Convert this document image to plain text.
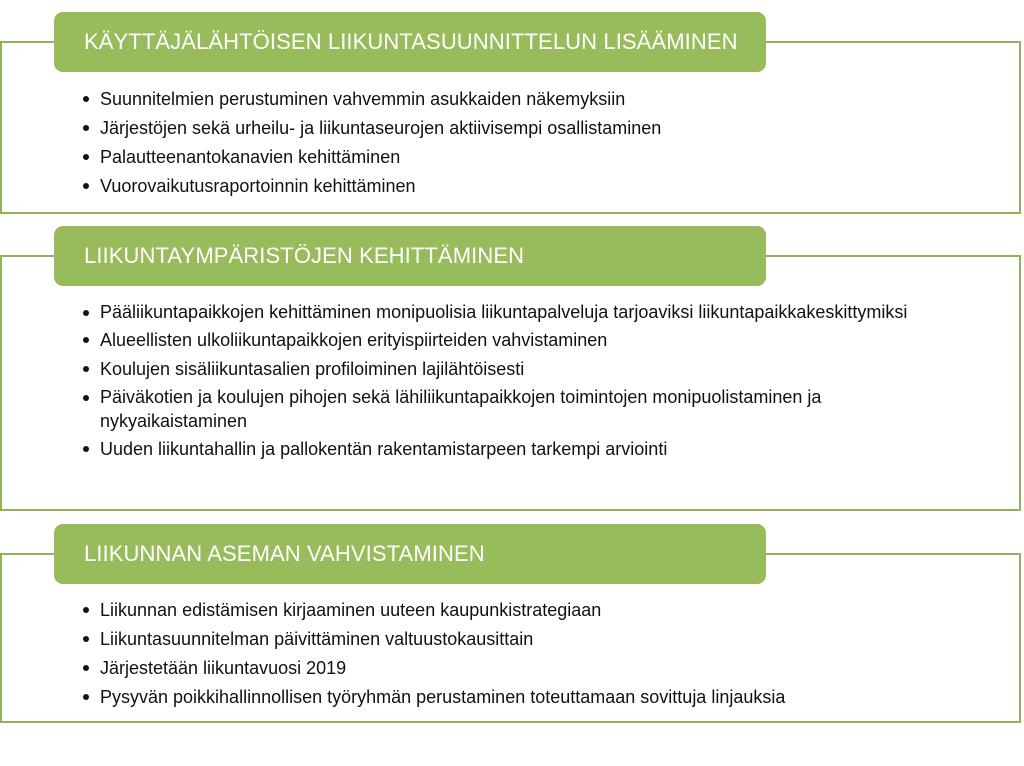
KÄYTTÄJÄLÄHTÖISEN LIIKUNTASUUNNITTELUN LISÄÄMINEN
Suunnitelmien perustuminen vahvemmin asukkaiden näkemyksiin
Järjestöjen sekä urheilu- ja liikuntaseurojen aktiivisempi osallistaminen
Palautteenantokanavien kehittäminen
Vuorovaikutusraportoinnin kehittäminen
LIIKUNTAYMPÄRISTÖJEN KEHITTÄMINEN
Pääliikuntapaikkojen kehittäminen monipuolisia liikuntapalveluja tarjoaviksi liikuntapaikkakeskittymiksi
Alueellisten ulkoliikuntapaikkojen erityispiirteiden vahvistaminen
Koulujen sisäliikuntasalien profiloiminen lajilähtöisesti
Päiväkotien ja koulujen pihojen sekä lähiliikuntapaikkojen toimintojen monipuolistaminen ja nykyaikaistaminen
Uuden liikuntahallin ja pallokentän rakentamistarpeen tarkempi arviointi
LIIKUNNAN ASEMAN VAHVISTAMINEN
Liikunnan edistämisen kirjaaminen uuteen kaupunkistrategiaan
Liikuntasuunnitelman päivittäminen valtuustokausittain
Järjestetään liikuntavuosi 2019
Pysyvän poikkihallinnollisen työryhmän perustaminen toteuttamaan sovittuja linjauksia
